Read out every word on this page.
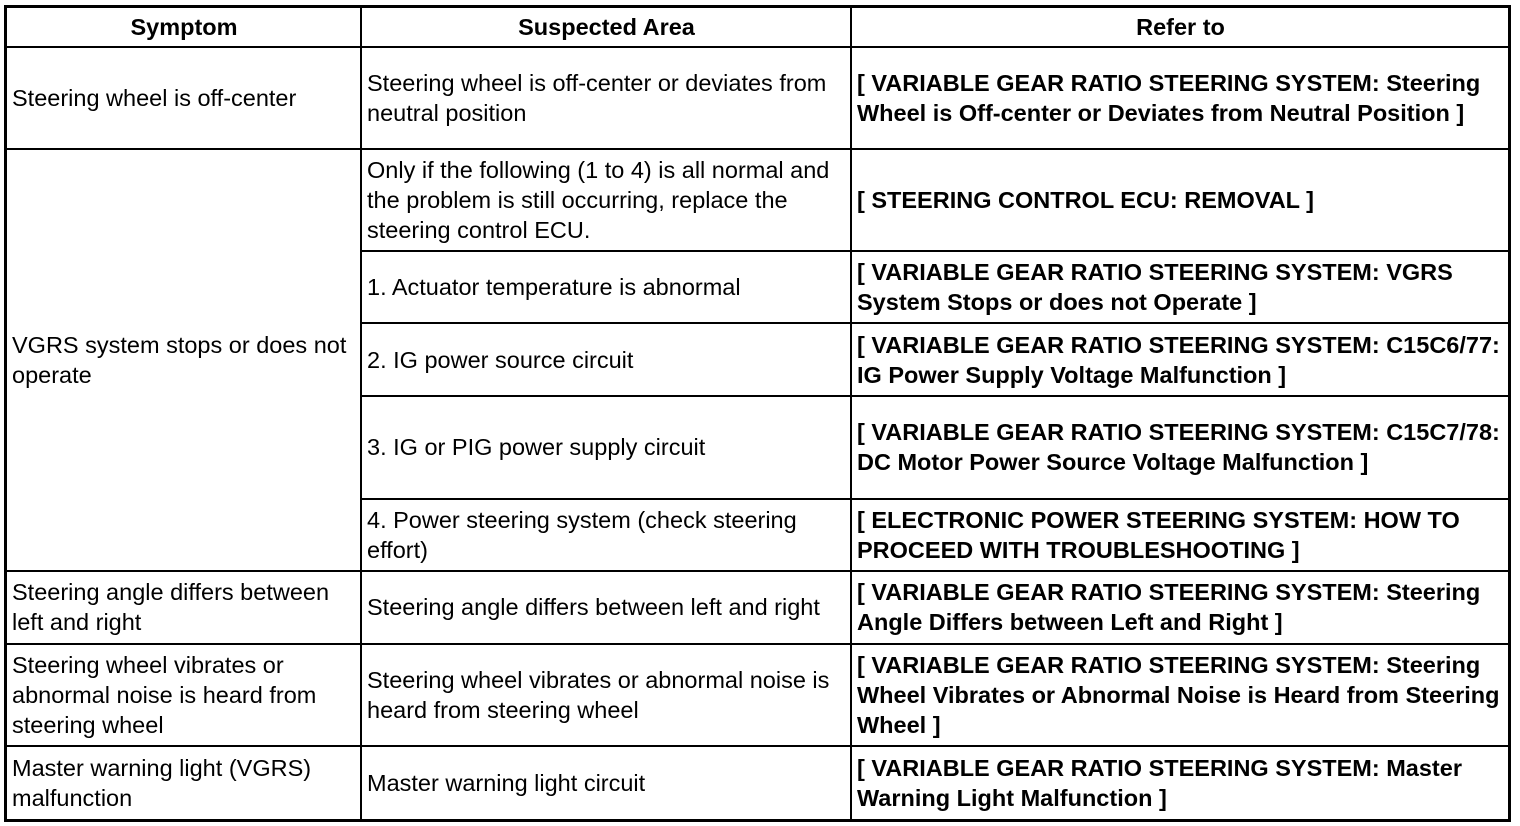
Symptom	Suspected Area	Refer to
Steering wheel is off-center	Steering wheel is off-center or deviates from neutral position	[ VARIABLE GEAR RATIO STEERING SYSTEM: Steering Wheel is Off-center or Deviates from Neutral Position ]
VGRS system stops or does not operate	Only if the following (1 to 4) is all normal and the problem is still occurring, replace the steering control ECU.	[ STEERING CONTROL ECU: REMOVAL ]
	1. Actuator temperature is abnormal	[ VARIABLE GEAR RATIO STEERING SYSTEM: VGRS System Stops or does not Operate ]
	2. IG power source circuit	[ VARIABLE GEAR RATIO STEERING SYSTEM: C15C6/77: IG Power Supply Voltage Malfunction ]
	3. IG or PIG power supply circuit	[ VARIABLE GEAR RATIO STEERING SYSTEM: C15C7/78: DC Motor Power Source Voltage Malfunction ]
	4. Power steering system (check steering effort)	[ ELECTRONIC POWER STEERING SYSTEM: HOW TO PROCEED WITH TROUBLESHOOTING ]
Steering angle differs between left and right	Steering angle differs between left and right	[ VARIABLE GEAR RATIO STEERING SYSTEM: Steering Angle Differs between Left and Right ]
Steering wheel vibrates or abnormal noise is heard from steering wheel	Steering wheel vibrates or abnormal noise is heard from steering wheel	[ VARIABLE GEAR RATIO STEERING SYSTEM: Steering Wheel Vibrates or Abnormal Noise is Heard from Steering Wheel ]
Master warning light (VGRS) malfunction	Master warning light circuit	[ VARIABLE GEAR RATIO STEERING SYSTEM: Master Warning Light Malfunction ]
